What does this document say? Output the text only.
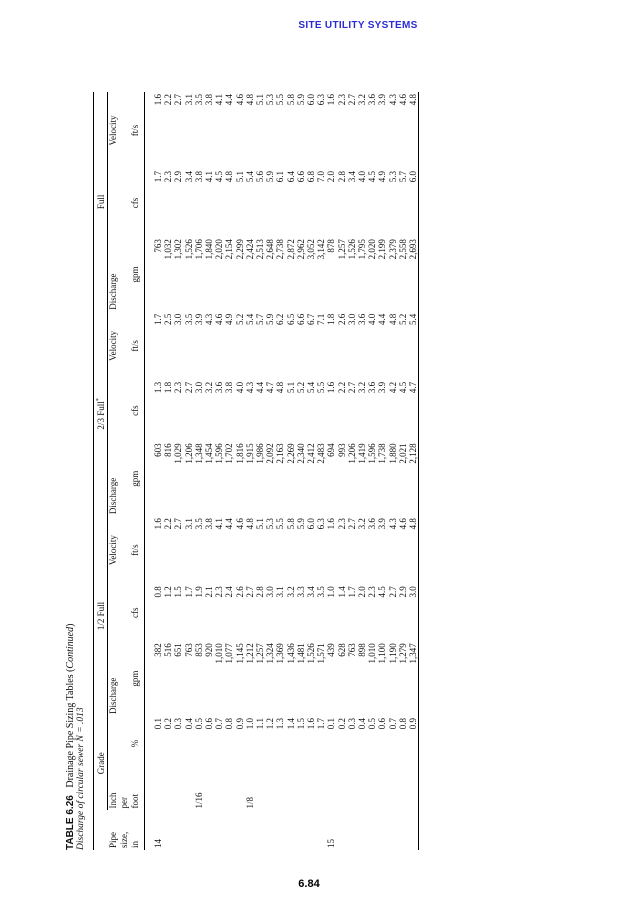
SITE UTILITY SYSTEMS
TABLE 6.26   Drainage Pipe Sizing Tables (Continued)
Discharge of circular sewer N = .013
	Grade		1/2 Full			2/3 Full*			Full		
Pipe	Inch		Discharge		Velocity	Discharge		Velocity	Discharge		Velocity
size,	per										
in	foot	%	gpm	cfs	ft/s	gpm	cfs	ft/s	gpm	cfs	ft/s
14		0.1	382	0.8	1.6	603	1.3	1.7	763	1.7	1.6
		0.2	516	1.2	2.2	816	1.8	2.5	1,032	2.3	2.2
		0.3	651	1.5	2.7	1,029	2.3	3.0	1,302	2.9	2.7
		0.4	763	1.7	3.1	1,206	2.7	3.5	1,526	3.4	3.1
	1/16	0.5	853	1.9	3.5	1,348	3.0	3.9	1,706	3.8	3.5
		0.6	920	2.1	3.8	1,454	3.2	4.3	1,840	4.1	3.8
		0.7	1,010	2.3	4.1	1,596	3.6	4.6	2,020	4.5	4.1
		0.8	1,077	2.4	4.4	1,702	3.8	4.9	2,154	4.8	4.4
		0.9	1,145	2.6	4.6	1,816	4.0	5.2	2,299	5.1	4.6
	1/8	1.0	1,212	2.7	4.8	1,915	4.3	5.4	2,424	5.4	4.8
		1.1	1,257	2.8	5.1	1,986	4.4	5.7	2,513	5.6	5.1
		1.2	1,324	3.0	5.3	2,092	4.7	5.9	2,648	5.9	5.3
		1.3	1,369	3.1	5.5	2,163	4.8	6.2	2,738	6.1	5.5
		1.4	1,436	3.2	5.8	2,269	5.1	6.5	2,872	6.4	5.8
		1.5	1,481	3.3	5.9	2,340	5.2	6.6	2,962	6.6	5.9
		1.6	1,526	3.4	6.0	2,412	5.4	6.7	3,052	6.8	6.0
		1.7	1,571	3.5	6.3	2,483	5.5	7.1	3,142	7.0	6.3
15		0.1	439	1.0	1.6	694	1.6	1.8	878	2.0	1.6
		0.2	628	1.4	2.3	993	2.2	2.6	1,257	2.8	2.3
		0.3	763	1.7	2.7	1,206	2.7	3.0	1,526	3.4	2.7
		0.4	898	2.0	3.2	1,419	3.2	3.6	1,795	4.0	3.2
		0.5	1,010	2.3	3.6	1,596	3.6	4.0	2,020	4.5	3.6
		0.6	1,100	4.5	3.9	1,738	3.9	4.4	2,199	4.9	3.9
		0.7	1,190	2.7	4.3	1,880	4.2	4.8	2,379	5.3	4.3
		0.8	1,279	2.9	4.6	2,021	4.5	5.2	2,558	5.7	4.6
		0.9	1,347	3.0	4.8	2,128	4.7	5.4	2,693	6.0	4.8
6.84
